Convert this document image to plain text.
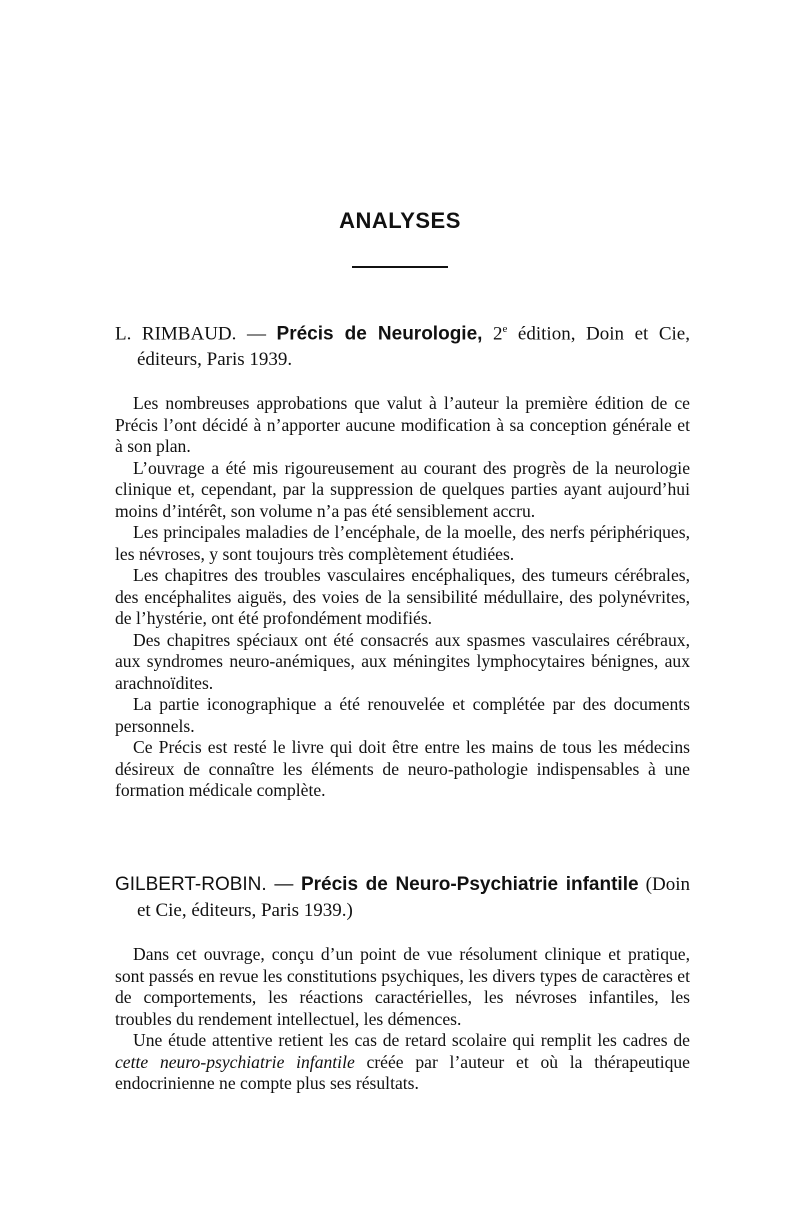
ANALYSES

L. RIMBAUD. — Précis de Neurologie, 2e édition, Doin et Cie, éditeurs, Paris 1939.

Les nombreuses approbations que valut à l’auteur la première édition de ce Précis l’ont décidé à n’apporter aucune modification à sa conception générale et à son plan.

L’ouvrage a été mis rigoureusement au courant des progrès de la neurologie clinique et, cependant, par la suppression de quelques parties ayant aujourd’hui moins d’intérêt, son volume n’a pas été sensiblement accru.

Les principales maladies de l’encéphale, de la moelle, des nerfs périphériques, les névroses, y sont toujours très complètement étudiées.

Les chapitres des troubles vasculaires encéphaliques, des tumeurs cérébrales, des encéphalites aiguës, des voies de la sensibilité médullaire, des polynévrites, de l’hystérie, ont été profondément modifiés.

Des chapitres spéciaux ont été consacrés aux spasmes vasculaires cérébraux, aux syndromes neuro-anémiques, aux méningites lymphocytaires bénignes, aux arachnoïdites.

La partie iconographique a été renouvelée et complétée par des documents personnels.

Ce Précis est resté le livre qui doit être entre les mains de tous les médecins désireux de connaître les éléments de neuro-pathologie indispensables à une formation médicale complète.

GILBERT-ROBIN. — Précis de Neuro-Psychiatrie infantile (Doin et Cie, éditeurs, Paris 1939.)

Dans cet ouvrage, conçu d’un point de vue résolument clinique et pratique, sont passés en revue les constitutions psychiques, les divers types de caractères et de comportements, les réactions caractérielles, les névroses infantiles, les troubles du rendement intellectuel, les démences.

Une étude attentive retient les cas de retard scolaire qui remplit les cadres de cette neuro-psychiatrie infantile créée par l’auteur et où la thérapeutique endocrinienne ne compte plus ses résultats.
